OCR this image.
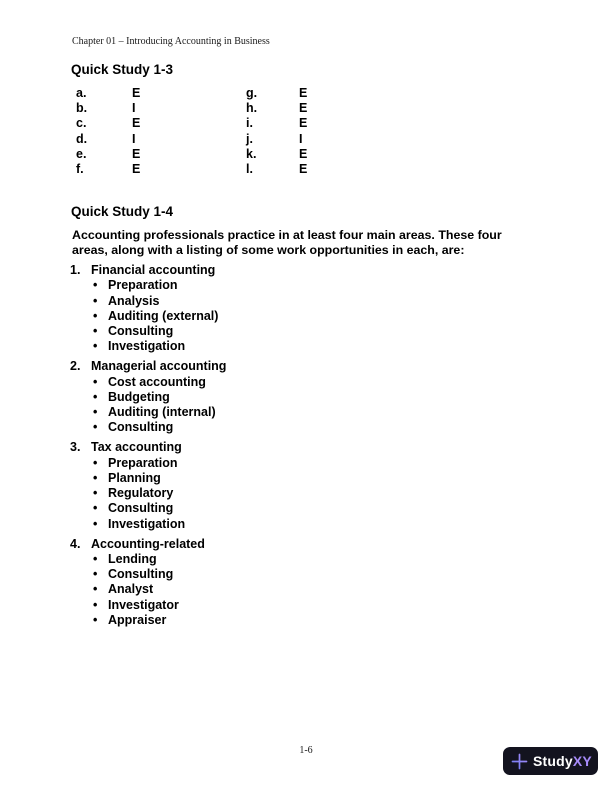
Chapter 01 – Introducing Accounting in Business
Quick Study 1-3
a.	E	g.	E
b.	I	h.	E
c.	E	i.	E
d.	I	j.	I
e.	E	k.	E
f.	E	l.	E
Quick Study 1-4

Accounting professionals practice in at least four main areas. These four
areas, along with a listing of some work opportunities in each, are:

1. Financial accounting
• Preparation
• Analysis
• Auditing (external)
• Consulting
• Investigation
2. Managerial accounting
• Cost accounting
• Budgeting
• Auditing (internal)
• Consulting
3. Tax accounting
• Preparation
• Planning
• Regulatory
• Consulting
• Investigation
4. Accounting-related
• Lending
• Consulting
• Analyst
• Investigator
• Appraiser
1-6
StudyXY
